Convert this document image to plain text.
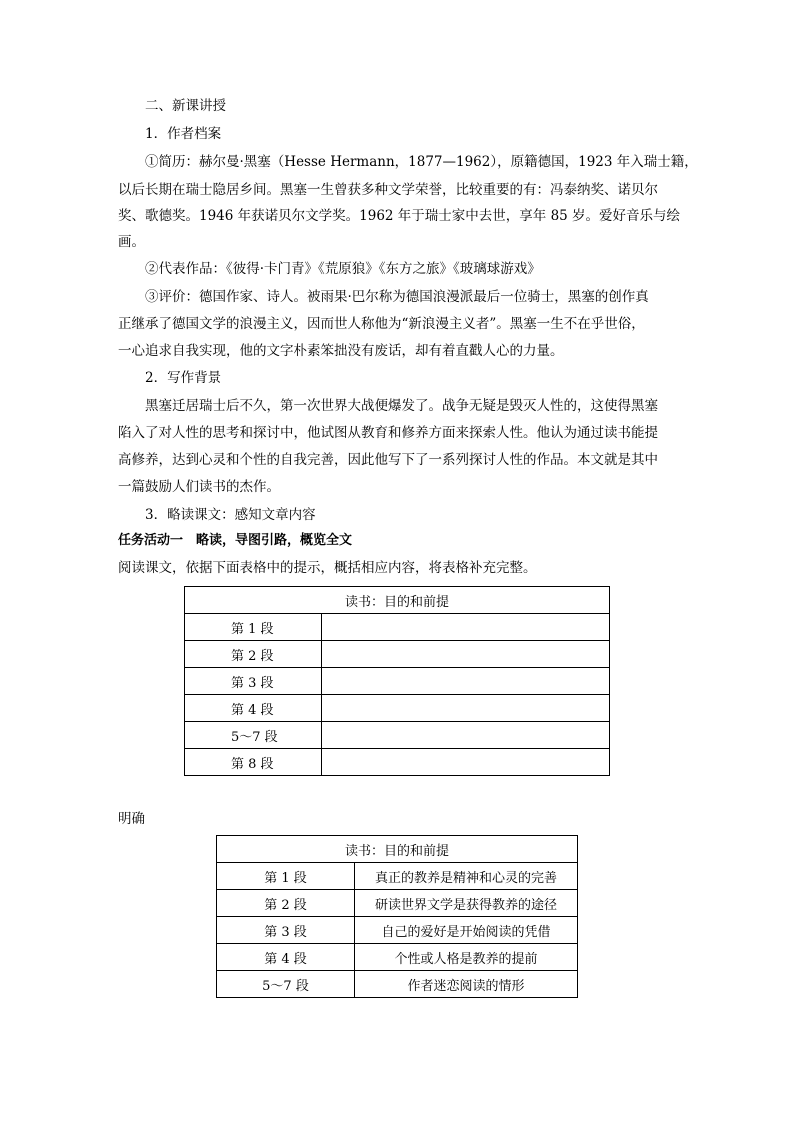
二、新课讲授
1．作者档案
①简历：赫尔曼·黑塞（Hesse Hermann，1877—1962），原籍德国，1923 年入瑞士籍，
以后长期在瑞士隐居乡间。黑塞一生曾获多种文学荣誉，比较重要的有：冯泰纳奖、诺贝尔
奖、歌德奖。1946 年获诺贝尔文学奖。1962 年于瑞士家中去世，享年 85 岁。爱好音乐与绘
画。
②代表作品：《彼得·卡门青》《荒原狼》《东方之旅》《玻璃球游戏》
③评价：德国作家、诗人。被雨果·巴尔称为德国浪漫派最后一位骑士，黑塞的创作真
正继承了德国文学的浪漫主义，因而世人称他为“新浪漫主义者”。黑塞一生不在乎世俗，
一心追求自我实现，他的文字朴素笨拙没有废话，却有着直戳人心的力量。
2．写作背景
黑塞迁居瑞士后不久，第一次世界大战便爆发了。战争无疑是毁灭人性的，这使得黑塞
陷入了对人性的思考和探讨中，他试图从教育和修养方面来探索人性。他认为通过读书能提
高修养，达到心灵和个性的自我完善，因此他写下了一系列探讨人性的作品。本文就是其中
一篇鼓励人们读书的杰作。
3．略读课文：感知文章内容
任务活动一　略读，导图引路，概览全文
阅读课文，依据下面表格中的提示，概括相应内容，将表格补充完整。
读书：目的和前提	
第 1 段	
第 2 段	
第 3 段	
第 4 段	
5～7 段	
第 8 段	
明确
读书：目的和前提	
第 1 段	真正的教养是精神和心灵的完善
第 2 段	研读世界文学是获得教养的途径
第 3 段	自己的爱好是开始阅读的凭借
第 4 段	个性或人格是教养的提前
5～7 段	作者迷恋阅读的情形
